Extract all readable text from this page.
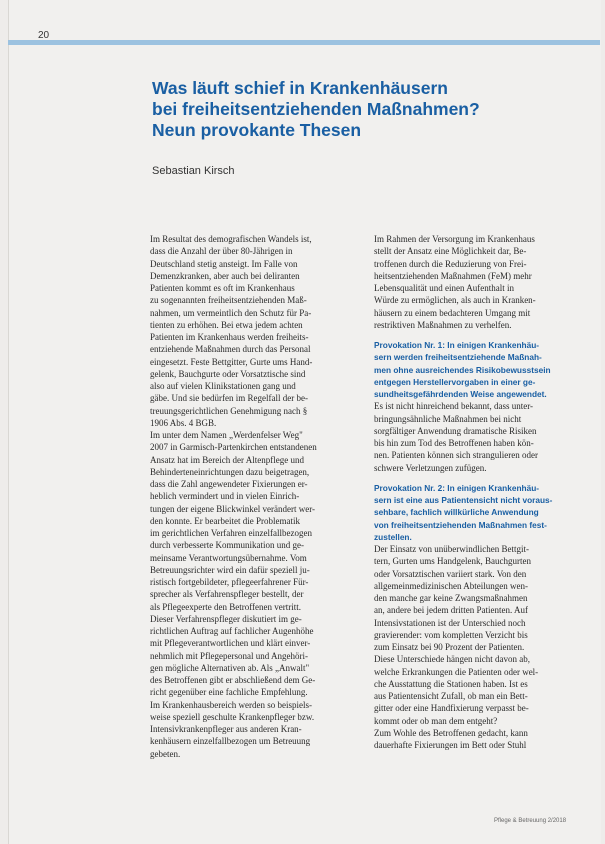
20
Was läuft schief in Krankenhäusern
bei freiheitsentziehenden Maßnahmen?
Neun provokante Thesen
Sebastian Kirsch
Im Resultat des demografischen Wandels ist,
dass die Anzahl der über 80-Jährigen in
Deutschland stetig ansteigt. Im Falle von
Demenzkranken, aber auch bei deliranten
Patienten kommt es oft im Krankenhaus
zu sogenannten freiheitsentziehenden Maß-
nahmen, um vermeintlich den Schutz für Pa-
tienten zu erhöhen. Bei etwa jedem achten
Patienten im Krankenhaus werden freiheits-
entziehende Maßnahmen durch das Personal
eingesetzt. Feste Bettgitter, Gurte ums Hand-
gelenk, Bauchgurte oder Vorsatztische sind
also auf vielen Klinikstationen gang und
gäbe. Und sie bedürfen im Regelfall der be-
treuungsgerichtlichen Genehmigung nach §
1906 Abs. 4 BGB.
Im unter dem Namen „Werdenfelser Weg"
2007 in Garmisch-Partenkirchen entstandenen
Ansatz hat im Bereich der Altenpflege und
Behinderteneinrichtungen dazu beigetragen,
dass die Zahl angewendeter Fixierungen er-
heblich vermindert und in vielen Einrich-
tungen der eigene Blickwinkel verändert wer-
den konnte. Er bearbeitet die Problematik
im gerichtlichen Verfahren einzelfallbezogen
durch verbesserte Kommunikation und ge-
meinsame Verantwortungsübernahme. Vom
Betreuungsrichter wird ein dafür speziell ju-
ristisch fortgebildeter, pflegeerfahrener Für-
sprecher als Verfahrenspfleger bestellt, der
als Pflegeexperte den Betroffenen vertritt.
Dieser Verfahrenspfleger diskutiert im ge-
richtlichen Auftrag auf fachlicher Augenhöhe
mit Pflegeverantwortlichen und klärt einver-
nehmlich mit Pflegepersonal und Angehöri-
gen mögliche Alternativen ab. Als „Anwalt"
des Betroffenen gibt er abschließend dem Ge-
richt gegenüber eine fachliche Empfehlung.
Im Krankenhausbereich werden so beispiels-
weise speziell geschulte Krankenpfleger bzw.
Intensivkrankenpfleger aus anderen Kran-
kenhäusern einzelfallbezogen um Betreuung
gebeten.
Im Rahmen der Versorgung im Krankenhaus
stellt der Ansatz eine Möglichkeit dar, Be-
troffenen durch die Reduzierung von Frei-
heitsentziehenden Maßnahmen (FeM) mehr
Lebensqualität und einen Aufenthalt in
Würde zu ermöglichen, als auch in Kranken-
häusern zu einem bedachteren Umgang mit
restriktiven Maßnahmen zu verhelfen.
Provokation Nr. 1: In einigen Krankenhäu-
sern werden freiheitsentziehende Maßnah-
men ohne ausreichendes Risikobewusstsein
entgegen Herstellervorgaben in einer ge-
sundheitsgefährdenden Weise angewendet.
Es ist nicht hinreichend bekannt, dass unter-
bringungsähnliche Maßnahmen bei nicht
sorgfältiger Anwendung dramatische Risiken
bis hin zum Tod des Betroffenen haben kön-
nen. Patienten können sich strangulieren oder
schwere Verletzungen zufügen.
Provokation Nr. 2: In einigen Krankenhäu-
sern ist eine aus Patientensicht nicht voraus-
sehbare, fachlich willkürliche Anwendung
von freiheitsentziehenden Maßnahmen fest-
zustellen.
Der Einsatz von unüberwindlichen Bettgit-
tern, Gurten ums Handgelenk, Bauchgurten
oder Vorsatztischen variiert stark. Von den
allgemeinmedizinischen Abteilungen wen-
den manche gar keine Zwangsmaßnahmen
an, andere bei jedem dritten Patienten. Auf
Intensivstationen ist der Unterschied noch
gravierender: vom kompletten Verzicht bis
zum Einsatz bei 90 Prozent der Patienten.
Diese Unterschiede hängen nicht davon ab,
welche Erkrankungen die Patienten oder wel-
che Ausstattung die Stationen haben. Ist es
aus Patientensicht Zufall, ob man ein Bett-
gitter oder eine Handfixierung verpasst be-
kommt oder ob man dem entgeht?
Zum Wohle des Betroffenen gedacht, kann
dauerhafte Fixierungen im Bett oder Stuhl
Pflege & Betreuung 2/2018
